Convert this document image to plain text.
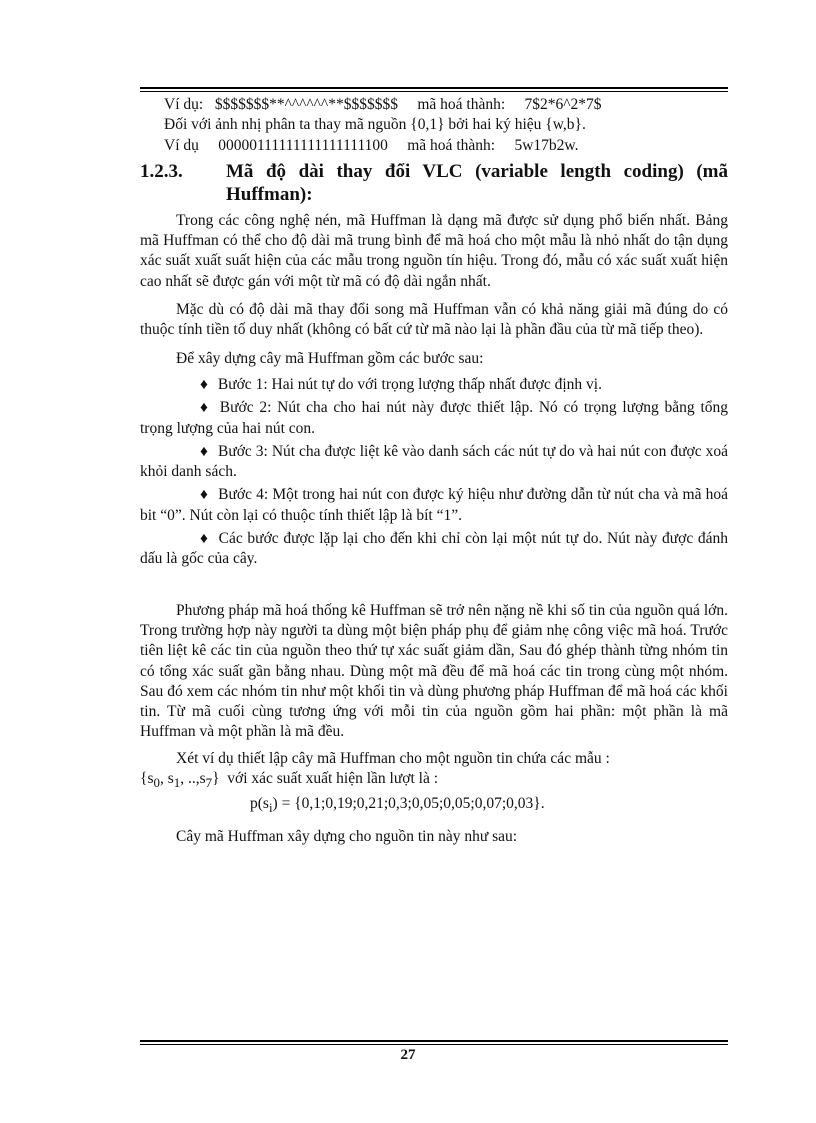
Ví dụ: $$$$$$$**^^^^^^**$$$$$$$ mã hoá thành: 7$2*6^2*7$
Đối với ảnh nhị phân ta thay mã nguồn {0,1} bởi hai ký hiệu {w,b}.
Ví dụ 00000111111111111111100 mã hoá thành: 5w17b2w.
1.2.3.	Mã độ dài thay đổi VLC (variable length coding) (mã Huffman):

Trong các công nghệ nén, mã Huffman là dạng mã được sử dụng phổ biến nhất. Bảng mã Huffman có thể cho độ dài mã trung bình để mã hoá cho một mẫu là nhỏ nhất do tận dụng xác suất xuất suất hiện của các mẫu trong nguồn tín hiệu. Trong đó, mẫu có xác suất xuất hiện cao nhất sẽ được gán với một từ mã có độ dài ngắn nhất.

Mặc dù có độ dài mã thay đổi song mã Huffman vẫn có khả năng giải mã đúng do có thuộc tính tiền tố duy nhất (không có bất cứ từ mã nào lại là phần đầu của từ mã tiếp theo).

Để xây dựng cây mã Huffman gồm các bước sau:

♦ Bước 1: Hai nút tự do với trọng lượng thấp nhất được định vị.

♦ Bước 2: Nút cha cho hai nút này được thiết lập. Nó có trọng lượng bằng tổng trọng lượng của hai nút con.

♦ Bước 3: Nút cha được liệt kê vào danh sách các nút tự do và hai nút con được xoá khỏi danh sách.

♦ Bước 4: Một trong hai nút con được ký hiệu như đường dẫn từ nút cha và mã hoá bit “0”. Nút còn lại có thuộc tính thiết lập là bít “1”.

♦ Các bước được lặp lại cho đến khi chỉ còn lại một nút tự do. Nút này được đánh dấu là gốc của cây.

Phương pháp mã hoá thống kê Huffman sẽ trở nên nặng nề khi số tin của nguồn quá lớn. Trong trường hợp này người ta dùng một biện pháp phụ để giảm nhẹ công việc mã hoá. Trước tiên liệt kê các tin của nguồn theo thứ tự xác suất giảm dần, Sau đó ghép thành từng nhóm tin có tổng xác suất gần bằng nhau. Dùng một mã đều để mã hoá các tin trong cùng một nhóm. Sau đó xem các nhóm tin như một khối tin và dùng phương pháp Huffman để mã hoá các khối tin. Từ mã cuối cùng tương ứng với mỗi tin của nguồn gồm hai phần: một phần là mã Huffman và một phần là mã đều.

Xét ví dụ thiết lập cây mã Huffman cho một nguồn tin chứa các mẫu :

{$s_0$, $s_1$, $..,s_7$}  với xác suất xuất hiện lần lượt là :

$p(s_i)$ = {0,1;0,19;0,21;0,3;0,05;0,05;0,07;0,03}.

Cây mã Huffman xây dựng cho nguồn tin này như sau:

27
